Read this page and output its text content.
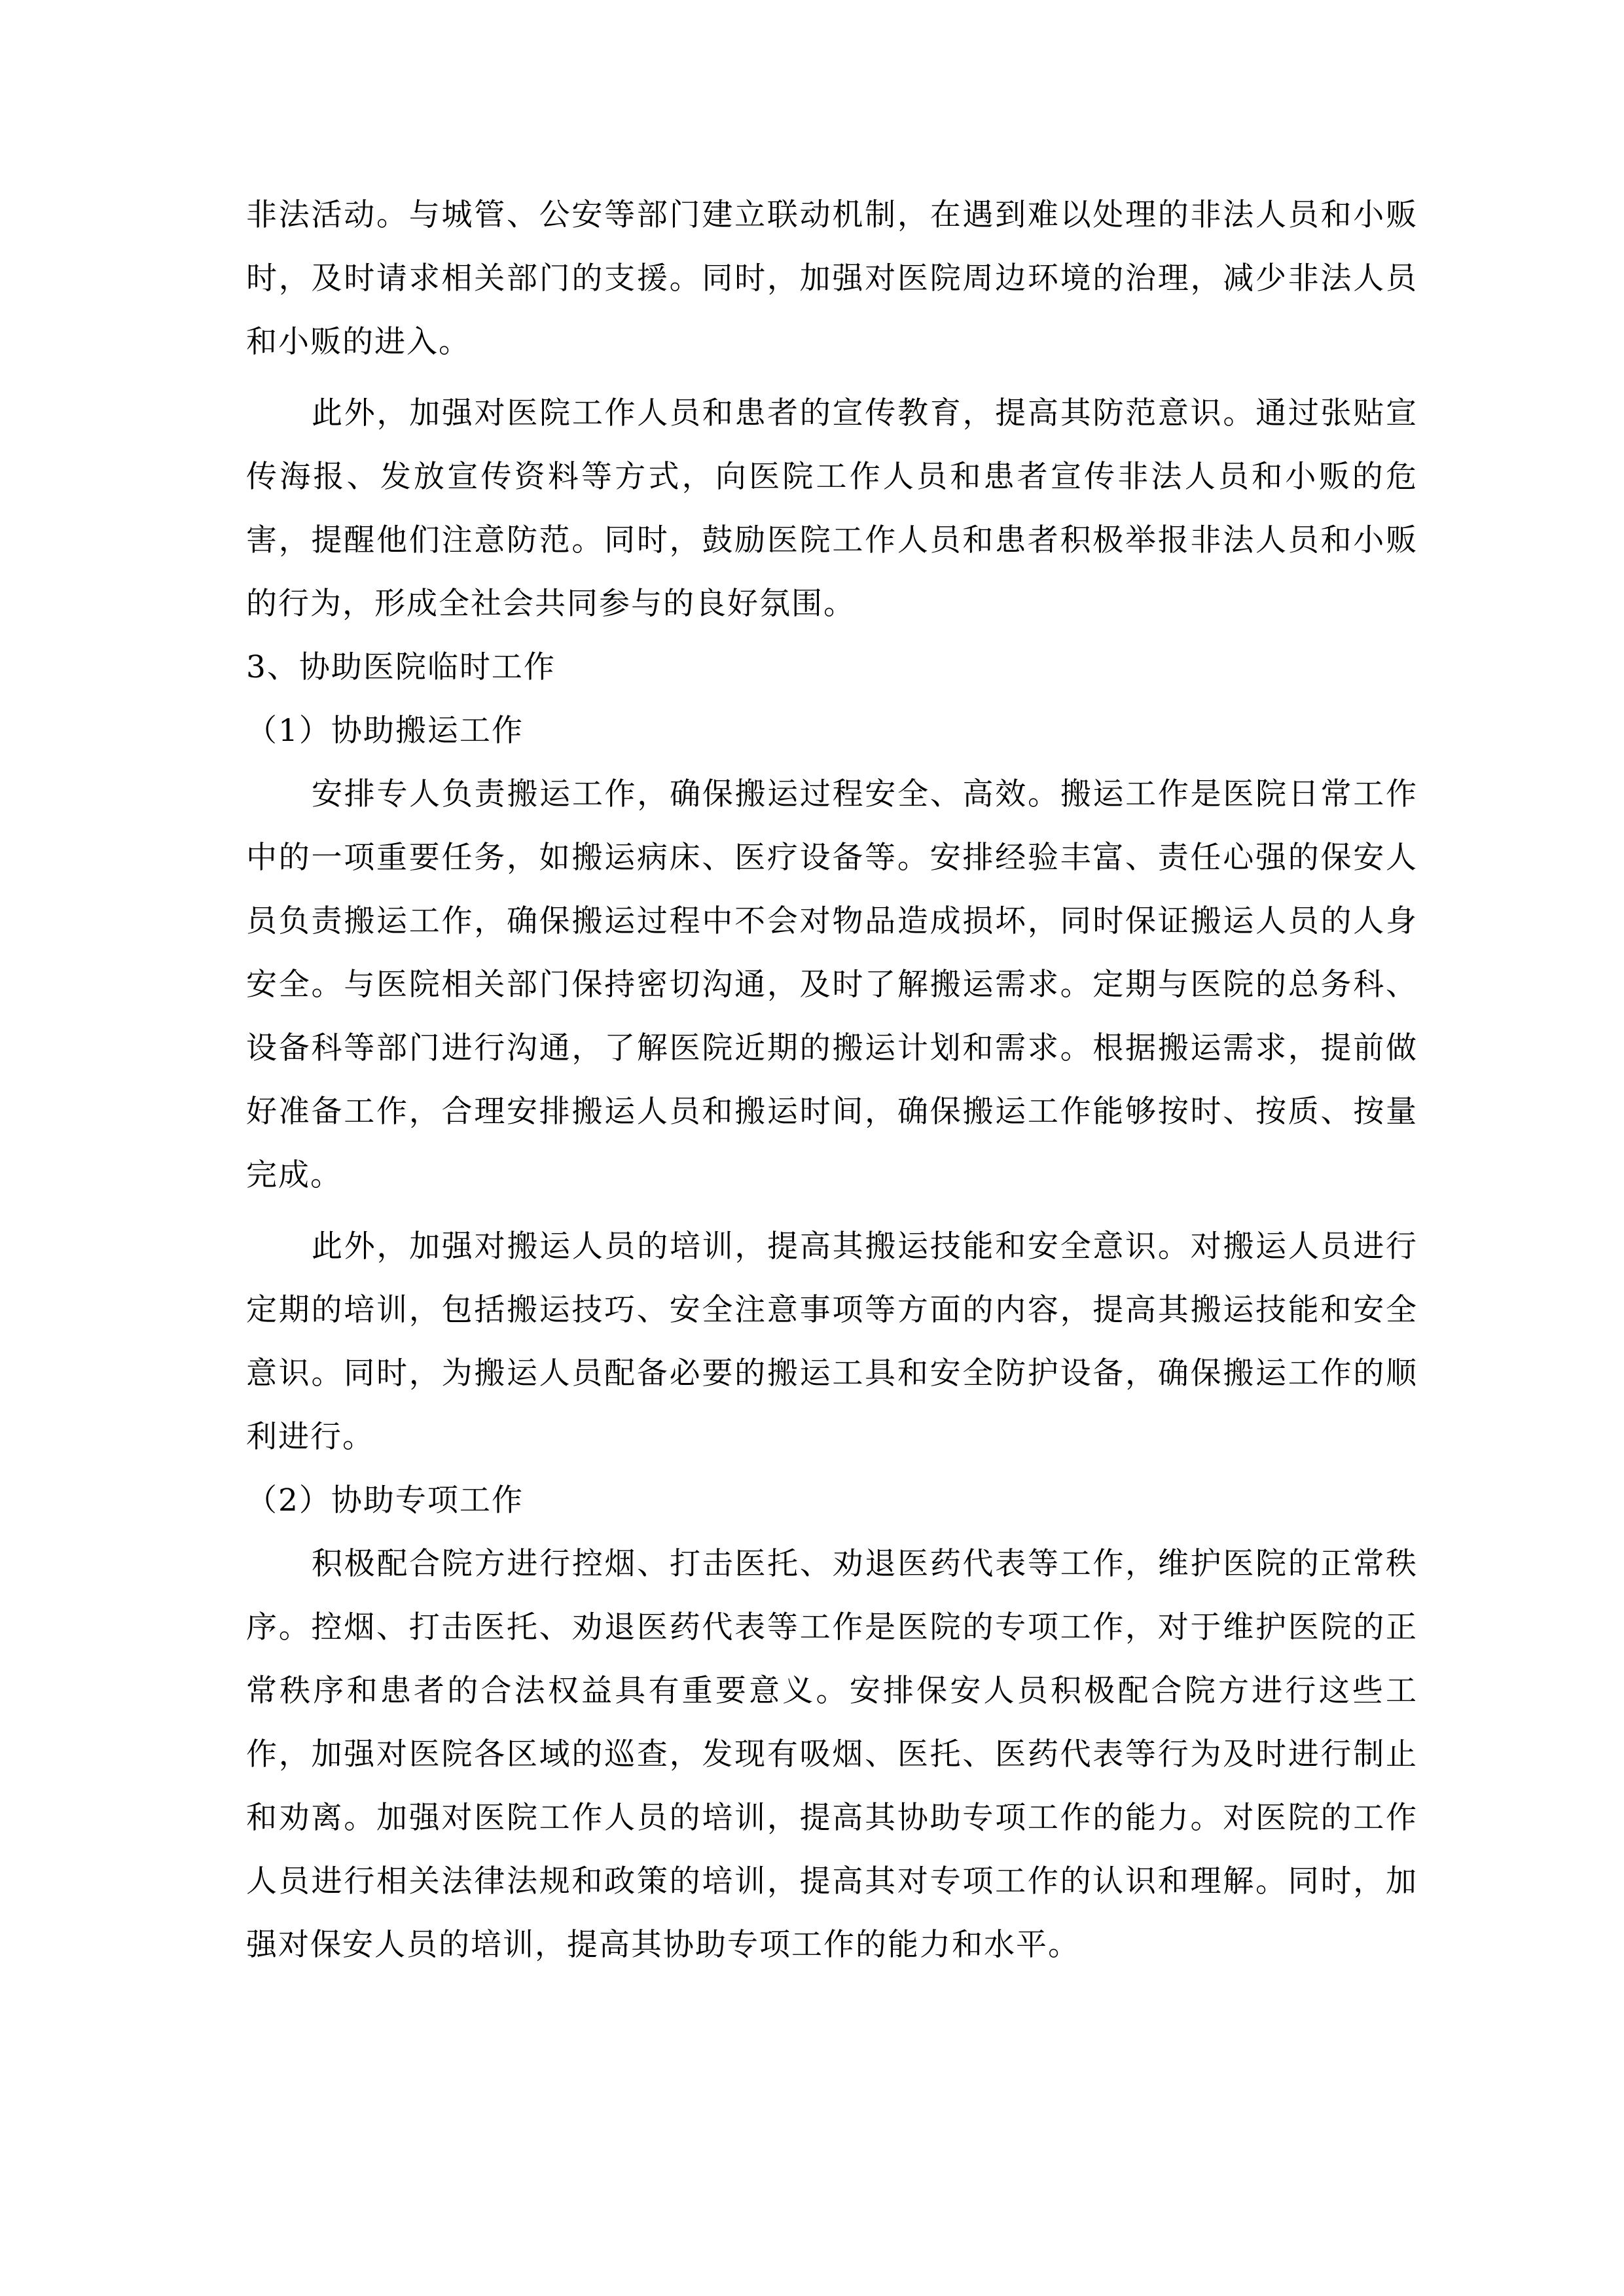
非法活动。与城管、公安等部门建立联动机制，在遇到难以处理的非法人员和小贩时，及时请求相关部门的支援。同时，加强对医院周边环境的治理，减少非法人员和小贩的进入。

此外，加强对医院工作人员和患者的宣传教育，提高其防范意识。通过张贴宣传海报、发放宣传资料等方式，向医院工作人员和患者宣传非法人员和小贩的危害，提醒他们注意防范。同时，鼓励医院工作人员和患者积极举报非法人员和小贩的行为，形成全社会共同参与的良好氛围。

3、协助医院临时工作

（1）协助搬运工作

安排专人负责搬运工作，确保搬运过程安全、高效。搬运工作是医院日常工作中的一项重要任务，如搬运病床、医疗设备等。安排经验丰富、责任心强的保安人员负责搬运工作，确保搬运过程中不会对物品造成损坏，同时保证搬运人员的人身安全。与医院相关部门保持密切沟通，及时了解搬运需求。定期与医院的总务科、设备科等部门进行沟通，了解医院近期的搬运计划和需求。根据搬运需求，提前做好准备工作，合理安排搬运人员和搬运时间，确保搬运工作能够按时、按质、按量完成。

此外，加强对搬运人员的培训，提高其搬运技能和安全意识。对搬运人员进行定期的培训，包括搬运技巧、安全注意事项等方面的内容，提高其搬运技能和安全意识。同时，为搬运人员配备必要的搬运工具和安全防护设备，确保搬运工作的顺利进行。

（2）协助专项工作

积极配合院方进行控烟、打击医托、劝退医药代表等工作，维护医院的正常秩序。控烟、打击医托、劝退医药代表等工作是医院的专项工作，对于维护医院的正常秩序和患者的合法权益具有重要意义。安排保安人员积极配合院方进行这些工作，加强对医院各区域的巡查，发现有吸烟、医托、医药代表等行为及时进行制止和劝离。加强对医院工作人员的培训，提高其协助专项工作的能力。对医院的工作人员进行相关法律法规和政策的培训，提高其对专项工作的认识和理解。同时，加强对保安人员的培训，提高其协助专项工作的能力和水平。
